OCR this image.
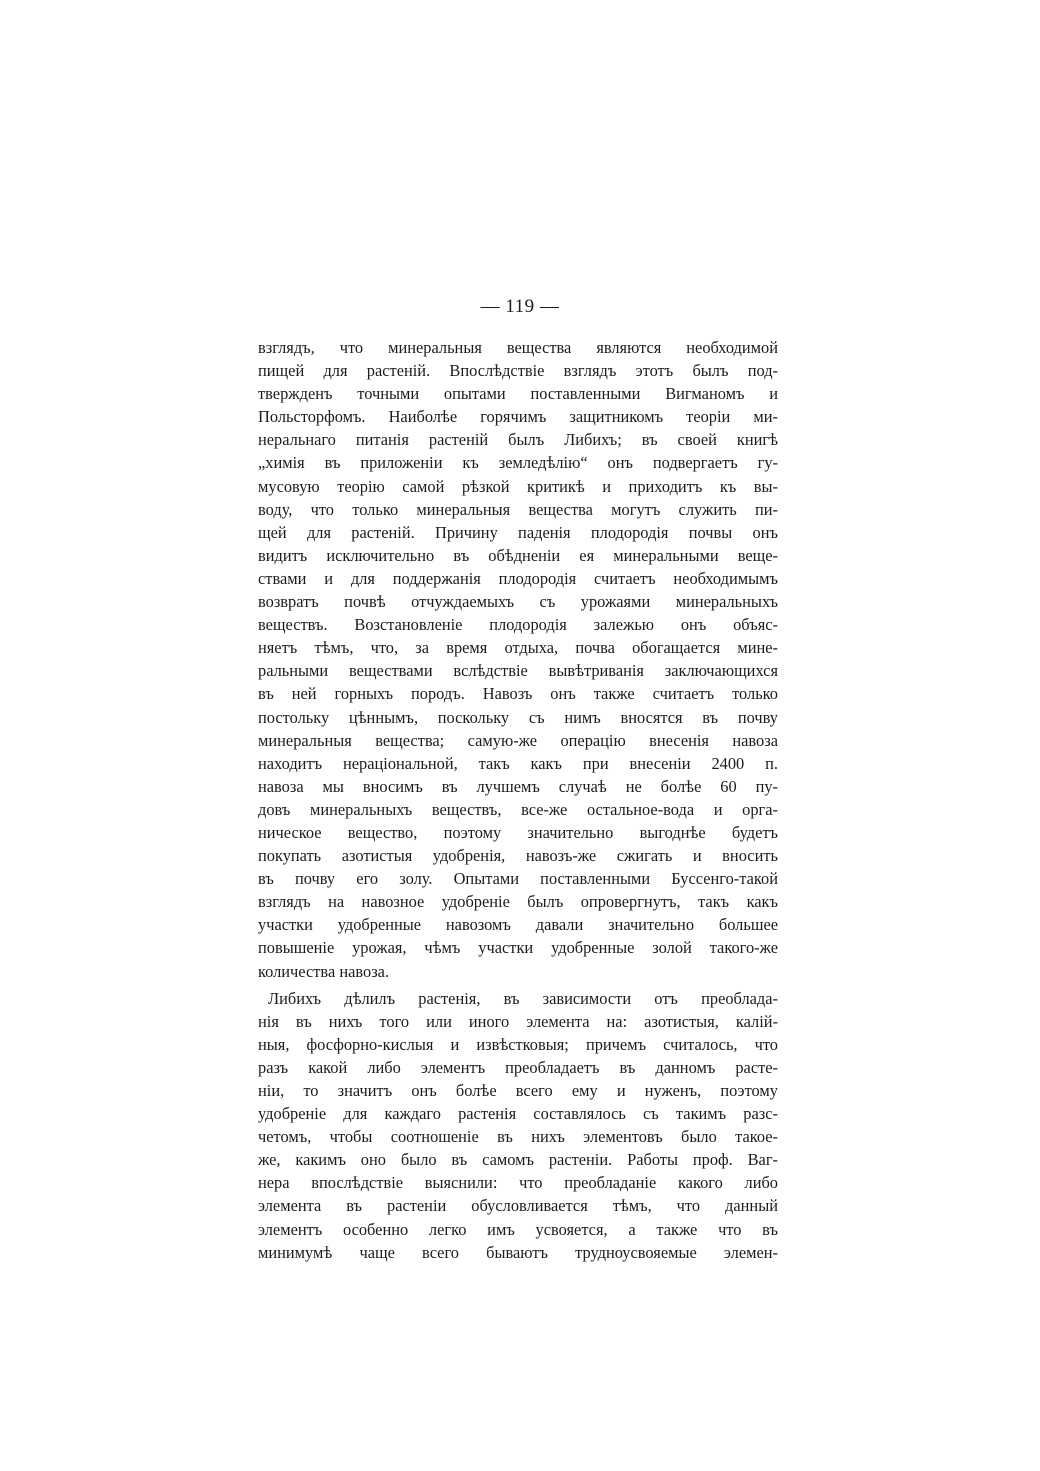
— 119 —
взглядъ, что минеральныя вещества являются необходимой
пищей для растеній. Впослѣдствіе взглядъ этотъ былъ под-
твержденъ точными опытами поставленными Вигманомъ и
Польсторфомъ. Наиболѣе горячимъ защитникомъ теоріи ми-
неральнаго питанія растеній былъ Либихъ; въ своей книгѣ
„химія въ приложеніи къ земледѣлію“ онъ подвергаетъ гу-
мусовую теорію самой рѣзкой критикѣ и приходитъ къ вы-
воду, что только минеральныя вещества могутъ служить пи-
щей для растеній. Причину паденія плодородія почвы онъ
видитъ исключительно въ обѣдненіи ея минеральными веще-
ствами и для поддержанія плодородія считаетъ необходимымъ
возвратъ почвѣ отчуждаемыхъ съ урожаями минеральныхъ
веществъ. Возстановленіе плодородія залежью онъ объяс-
няетъ тѣмъ, что, за время отдыха, почва обогащается мине-
ральными веществами вслѣдствіе вывѣтриванія заключающихся
въ ней горныхъ породъ. Навозъ онъ также считаетъ только
постольку цѣннымъ, поскольку съ нимъ вносятся въ почву
минеральныя вещества; самую-же операцію внесенія навоза
находитъ нераціональной, такъ какъ при внесеніи 2400 п.
навоза мы вносимъ въ лучшемъ случаѣ не болѣе 60 пу-
довъ минеральныхъ веществъ, все-же остальное-вода и орга-
ническое вещество, поэтому значительно выгоднѣе будетъ
покупать азотистыя удобренія, навозъ-же сжигать и вносить
въ почву его золу. Опытами поставленными Буссенго-такой
взглядъ на навозное удобреніе былъ опровергнутъ, такъ какъ
участки удобренные навозомъ давали значительно большее
повышеніе урожая, чѣмъ участки удобренные золой такого-же
количества навоза.
Либихъ дѣлилъ растенія, въ зависимости отъ преоблада-
нія въ нихъ того или иного элемента на: азотистыя, калій-
ныя, фосфорно-кислыя и извѣстковыя; причемъ считалось, что
разъ какой либо элементъ преобладаетъ въ данномъ расте-
ніи, то значитъ онъ болѣе всего ему и нуженъ, поэтому
удобреніе для каждаго растенія составлялось съ такимъ разс-
четомъ, чтобы соотношеніе въ нихъ элементовъ было такое-
же, какимъ оно было въ самомъ растеніи. Работы проф. Ваг-
нера впослѣдствіе выяснили: что преобладаніе какого либо
элемента въ растеніи обусловливается тѣмъ, что данный
элементъ особенно легко имъ усвояется, а также что въ
минимумѣ чаще всего бываютъ трудноусвояемые элемен-
